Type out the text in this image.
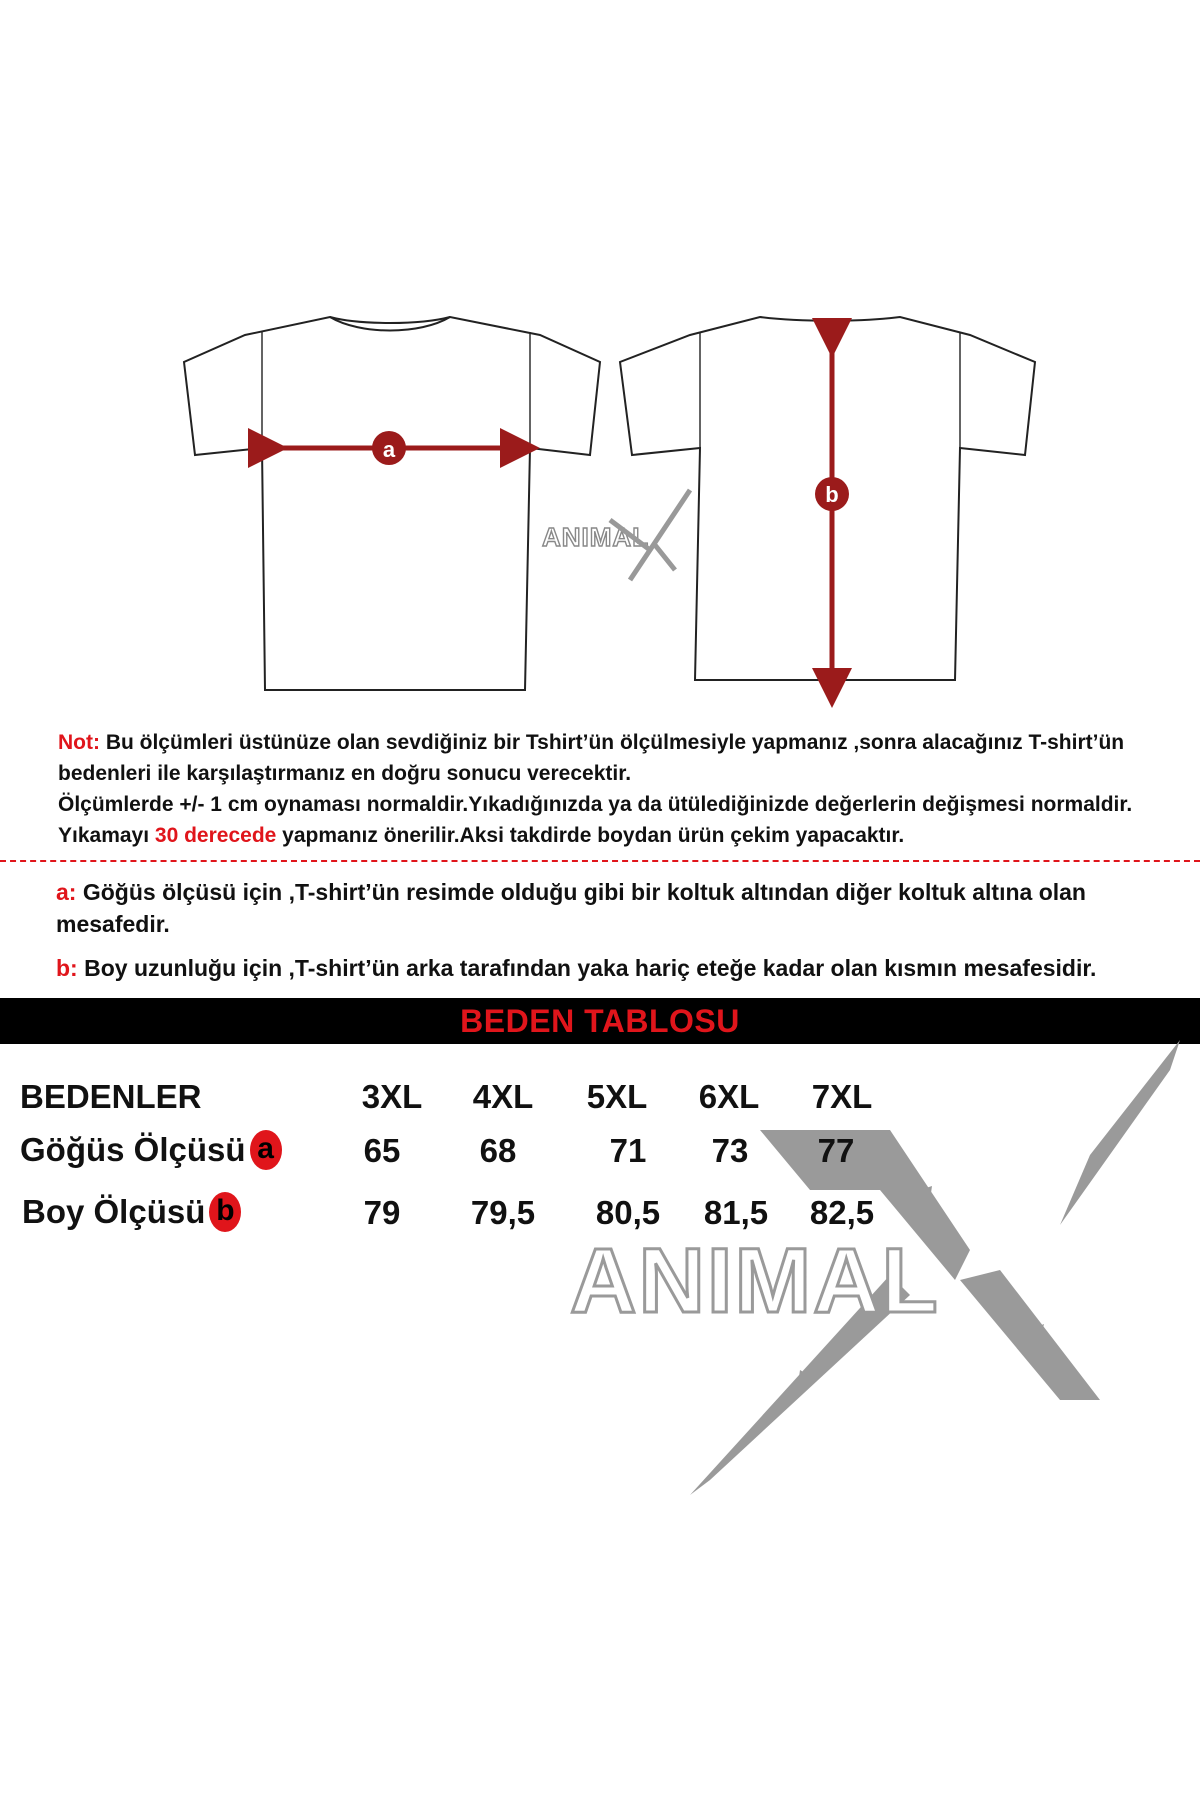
a
b
ANIMAL

Not: Bu ölçümleri üstünüze olan sevdiğiniz bir Tshirt’ün ölçülmesiyle yapmanız ,sonra alacağınız T-shirt’ün bedenleri ile karşılaştırmanız en doğru sonucu verecektir.

Ölçümlerde +/- 1 cm oynaması normaldir.Yıkadığınızda ya da ütülediğinizde değerlerin değişmesi normaldir.

Yıkamayı 30 derecede yapmanız önerilir.Aksi takdirde boydan ürün çekim yapacaktır.

a: Göğüs ölçüsü için ,T-shirt’ün resimde olduğu gibi bir koltuk altından diğer koltuk altına olan mesafedir.

b: Boy uzunluğu için ,T-shirt’ün arka tarafından yaka hariç eteğe kadar olan kısmın mesafesidir.

BEDEN TABLOSU
ANIMAL
BEDENLER	3XL	4XL	5XL	6XL	7XL
Göğüs Ölçüsü a	65	68	71	73	77
Boy Ölçüsü b	79	79,5	80,5	81,5	82,5
